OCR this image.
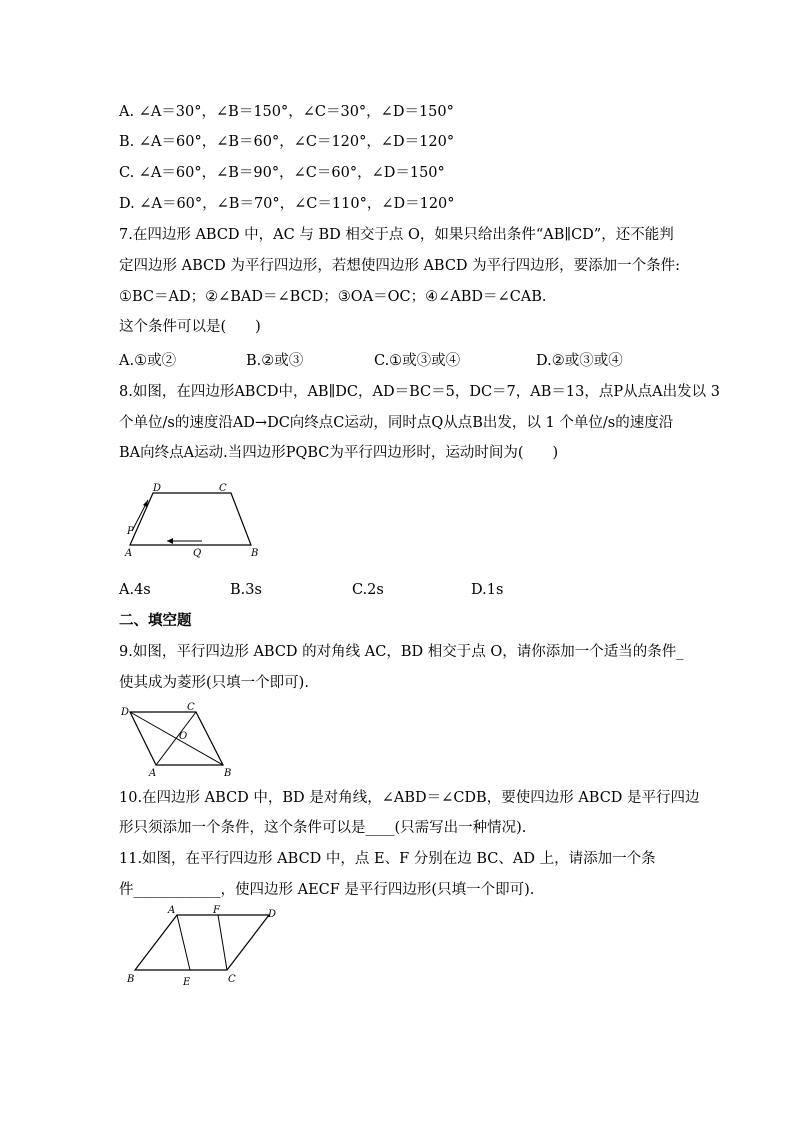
A. ∠A＝30°，∠B＝150°，∠C＝30°，∠D＝150°
B. ∠A＝60°，∠B＝60°，∠C＝120°，∠D＝120°
C. ∠A＝60°，∠B＝90°，∠C＝60°，∠D＝150°
D. ∠A＝60°，∠B＝70°，∠C＝110°，∠D＝120°
7.在四边形 ABCD 中，AC 与 BD 相交于点 O，如果只给出条件“AB∥CD”，还不能判
定四边形 ABCD 为平行四边形，若想使四边形 ABCD 为平行四边形，要添加一个条件:
①BC＝AD；②∠BAD＝∠BCD；③OA＝OC；④∠ABD＝∠CAB.
这个条件可以是(　　)
A.①或②	B.②或③	C.①或③或④	D.②或③或④
8.如图，在四边形ABCD中，AB∥DC，AD＝BC＝5，DC＝7，AB＝13，点P从点A出发以 3
个单位/s的速度沿AD→DC向终点C运动，同时点Q从点B出发，以 1 个单位/s的速度沿
BA向终点A运动.当四边形PQBC为平行四边形时，运动时间为(　　)
D	C
A	B
P
Q
A.4s	B.3s	C.2s	D.1s
二、填空题
9.如图，平行四边形 ABCD 的对角线 AC，BD 相交于点 O，请你添加一个适当的条件_
使其成为菱形(只填一个即可).
D	C
A	B
O
10.在四边形 ABCD 中，BD 是对角线，∠ABD＝∠CDB，要使四边形 ABCD 是平行四边
形只须添加一个条件，这个条件可以是____(只需写出一种情况).
11.如图，在平行四边形 ABCD 中，点 E、F 分别在边 BC、AD 上，请添加一个条
件____________，使四边形 AECF 是平行四边形(只填一个即可).
A	F	D
B	E	C
